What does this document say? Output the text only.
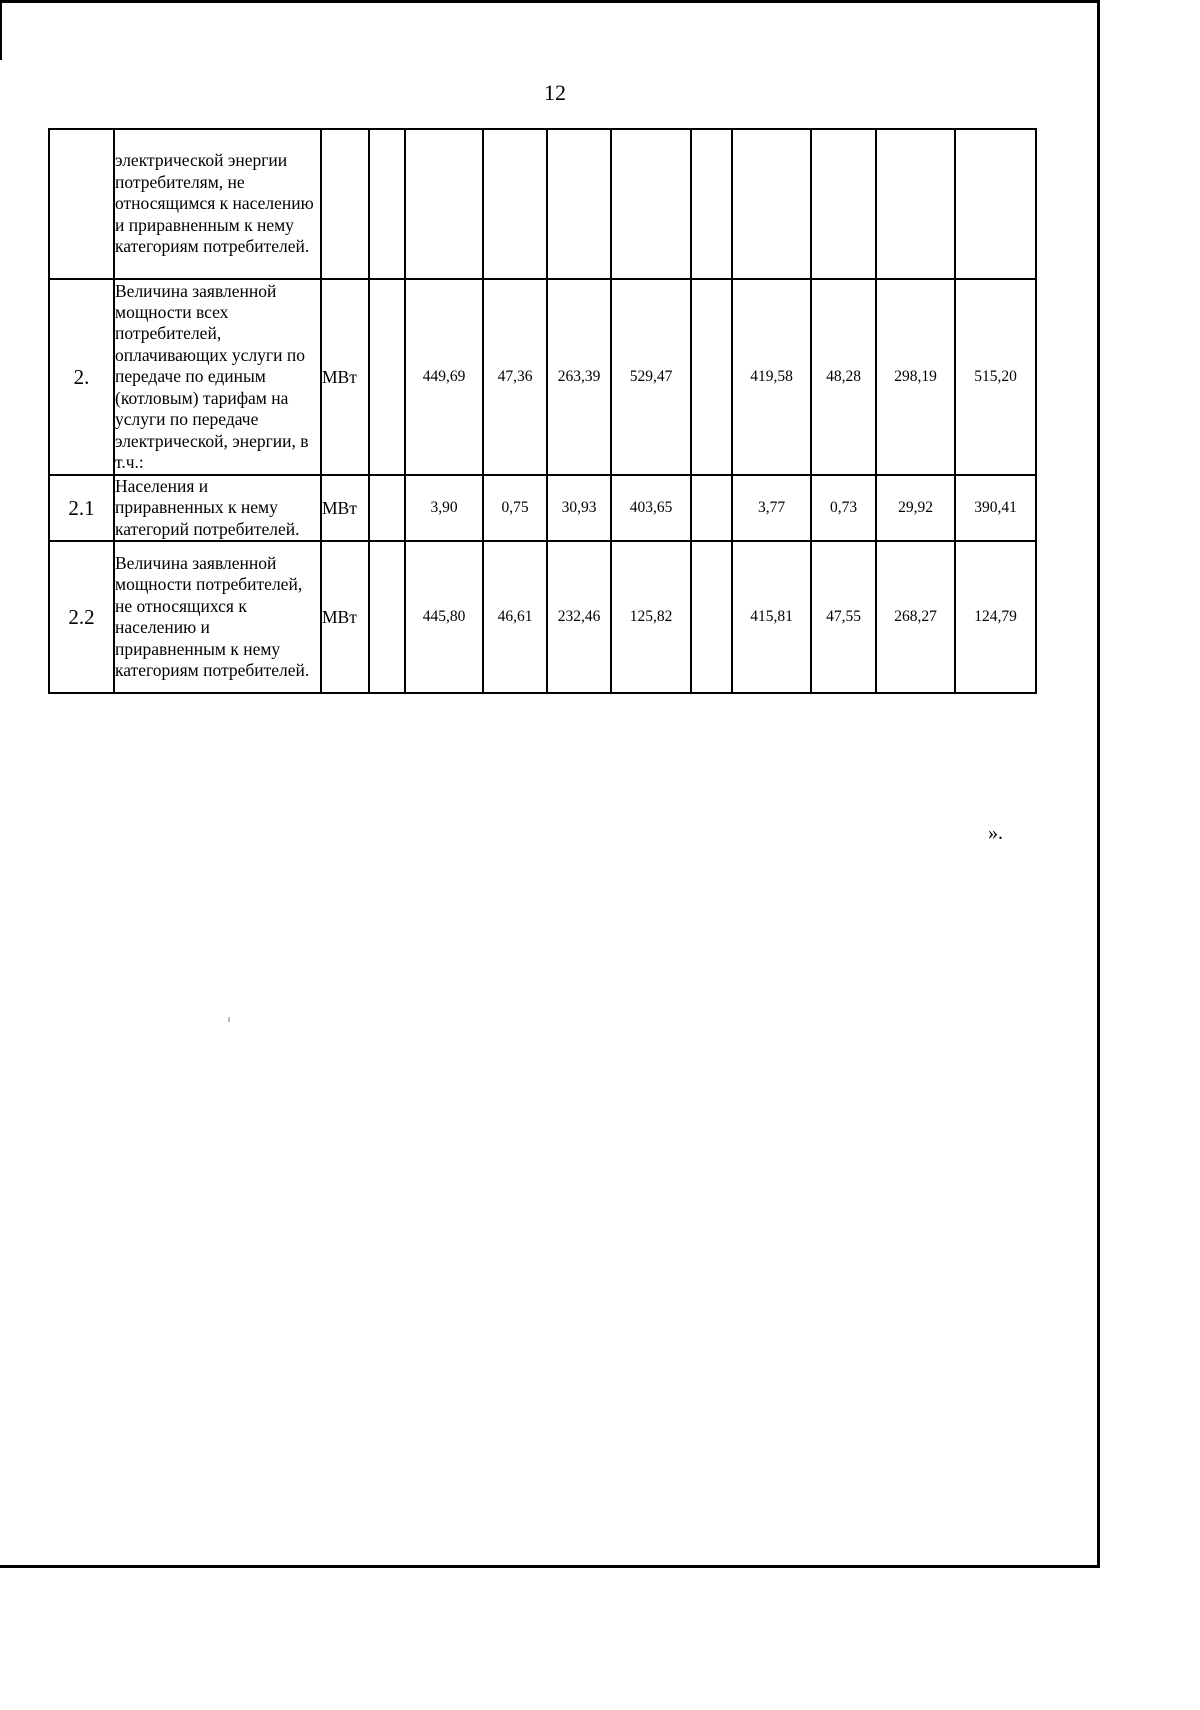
12
	электрической энергии потребителям, не относящимся к населению и приравненным к нему категориям потребителей.											
2.	Величина заявленной мощности всех потребителей, оплачивающих услуги по передаче по единым (котловым) тарифам на услуги по передаче электрической, энергии, в т.ч.:	МВт		449,69	47,36	263,39	529,47		419,58	48,28	298,19	515,20
2.1	Населения и приравненных к нему категорий потребителей.	МВт		3,90	0,75	30,93	403,65		3,77	0,73	29,92	390,41
2.2	Величина заявленной мощности потребителей, не относящихся к населению и приравненным к нему категориям потребителей.	МВт		445,80	46,61	232,46	125,82		415,81	47,55	268,27	124,79
».
